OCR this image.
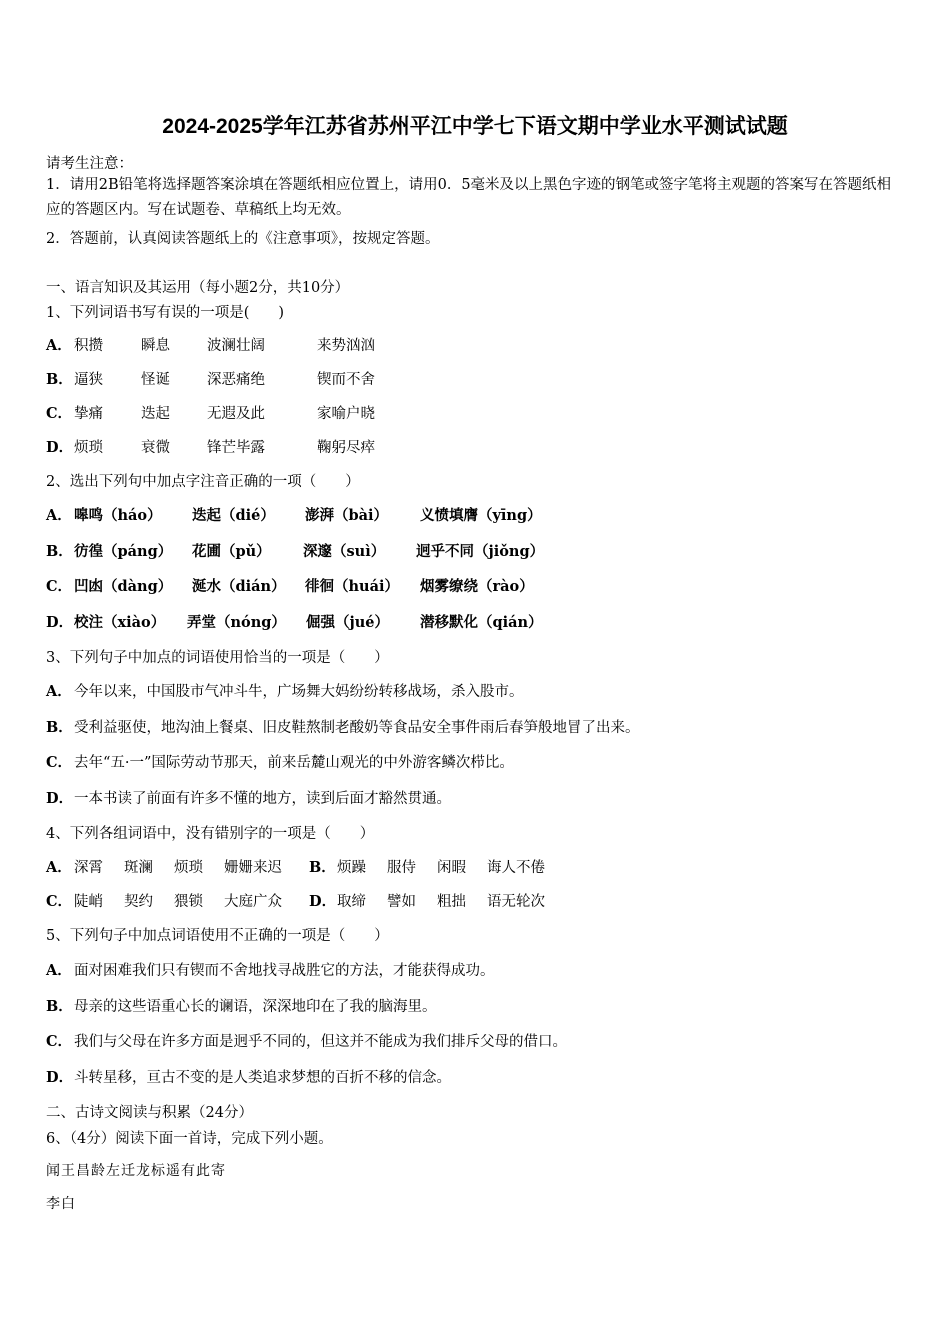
2024-2025学年江苏省苏州平江中学七下语文期中学业水平测试试题
请考生注意：
1．请用2B铅笔将选择题答案涂填在答题纸相应位置上，请用0．5毫米及以上黑色字迹的钢笔或签字笔将主观题的答案写在答题纸相应的答题区内。写在试题卷、草稿纸上均无效。
2．答题前，认真阅读答题纸上的《注意事项》，按规定答题。
一、语言知识及其运用（每小题2分，共10分）
1、下列词语书写有误的一项是(　　)
A． 积攒	瞬息	波澜壮阔	来势汹汹
B．逼狭	怪诞	深恶痛绝	锲而不舍
C． 挚痛	迭起	无遐及此	家喻户晓
D．烦琐	衰微	锋芒毕露	鞠躬尽瘁
2、选出下列句中加点字注音正确的一项（　　）
A． 嗥鸣（háo） 迭起（dié） 澎湃（bài） 义愤填膺（yīng）
B．彷徨（páng） 花圃（pǔ） 深邃（suì） 迥乎不同（jiǒng）
C． 凹凼（dàng） 涎水（dián） 徘徊（huái） 烟雾缭绕（rào）
D．校注（xiào） 弄堂（nóng） 倔强（jué） 潜移默化（qián）
3、下列句子中加点的词语使用恰当的一项是（　　）
A． 今年以来，中国股市气冲斗牛，广场舞大妈纷纷转移战场，杀入股市。
B．受利益驱使，地沟油上餐桌、旧皮鞋熬制老酸奶等食品安全事件雨后春笋般地冒了出来。
C． 去年“五·一”国际劳动节那天，前来岳麓山观光的中外游客鳞次栉比。
D．一本书读了前面有许多不懂的地方，读到后面才豁然贯通。
4、下列各组词语中，没有错别字的一项是（　　）
A． 深霄 斑澜 烦琐 姗姗来迟 B．烦躁 服侍 闲暇 诲人不倦
C． 陡峭 契约 猥锁 大庭广众 D．取缔 譬如 粗拙 语无轮次
5、下列句子中加点词语使用不正确的一项是（　　）
A． 面对困难我们只有锲而不舍地找寻战胜它的方法，才能获得成功。
B．母亲的这些语重心长的谰语，深深地印在了我的脑海里。
C． 我们与父母在许多方面是迥乎不同的，但这并不能成为我们排斥父母的借口。
D．斗转星移，亘古不变的是人类追求梦想的百折不移的信念。
二、古诗文阅读与积累（24分）
6、（4分）阅读下面一首诗，完成下列小题。
闻王昌龄左迁龙标遥有此寄
李白
